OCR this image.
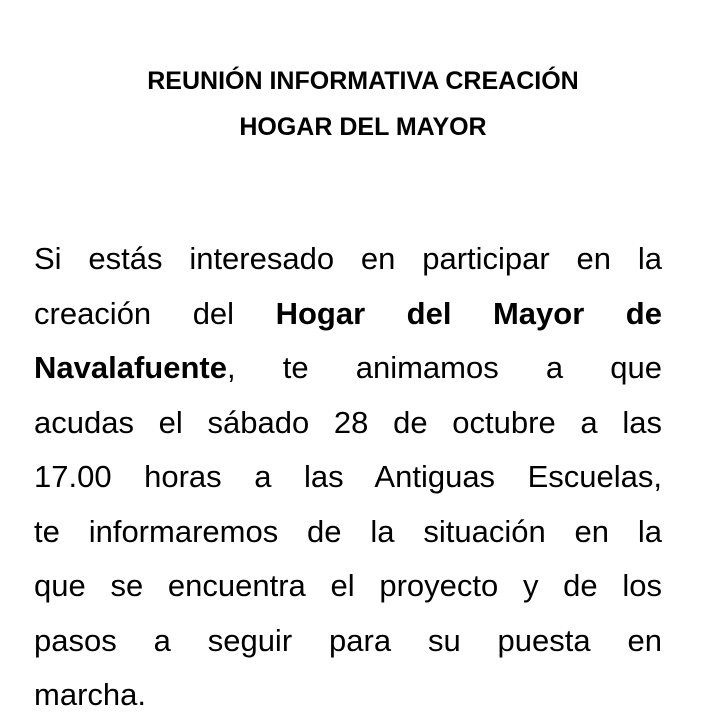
REUNIÓN INFORMATIVA CREACIÓN
HOGAR DEL MAYOR

Si estás interesado en participar en la
creación del Hogar del Mayor de
Navalafuente, te animamos a que
acudas el sábado 28 de octubre a las
17.00 horas a las Antiguas Escuelas,
te informaremos de la situación en la
que se encuentra el proyecto y de los
pasos a seguir para su puesta en
marcha.
